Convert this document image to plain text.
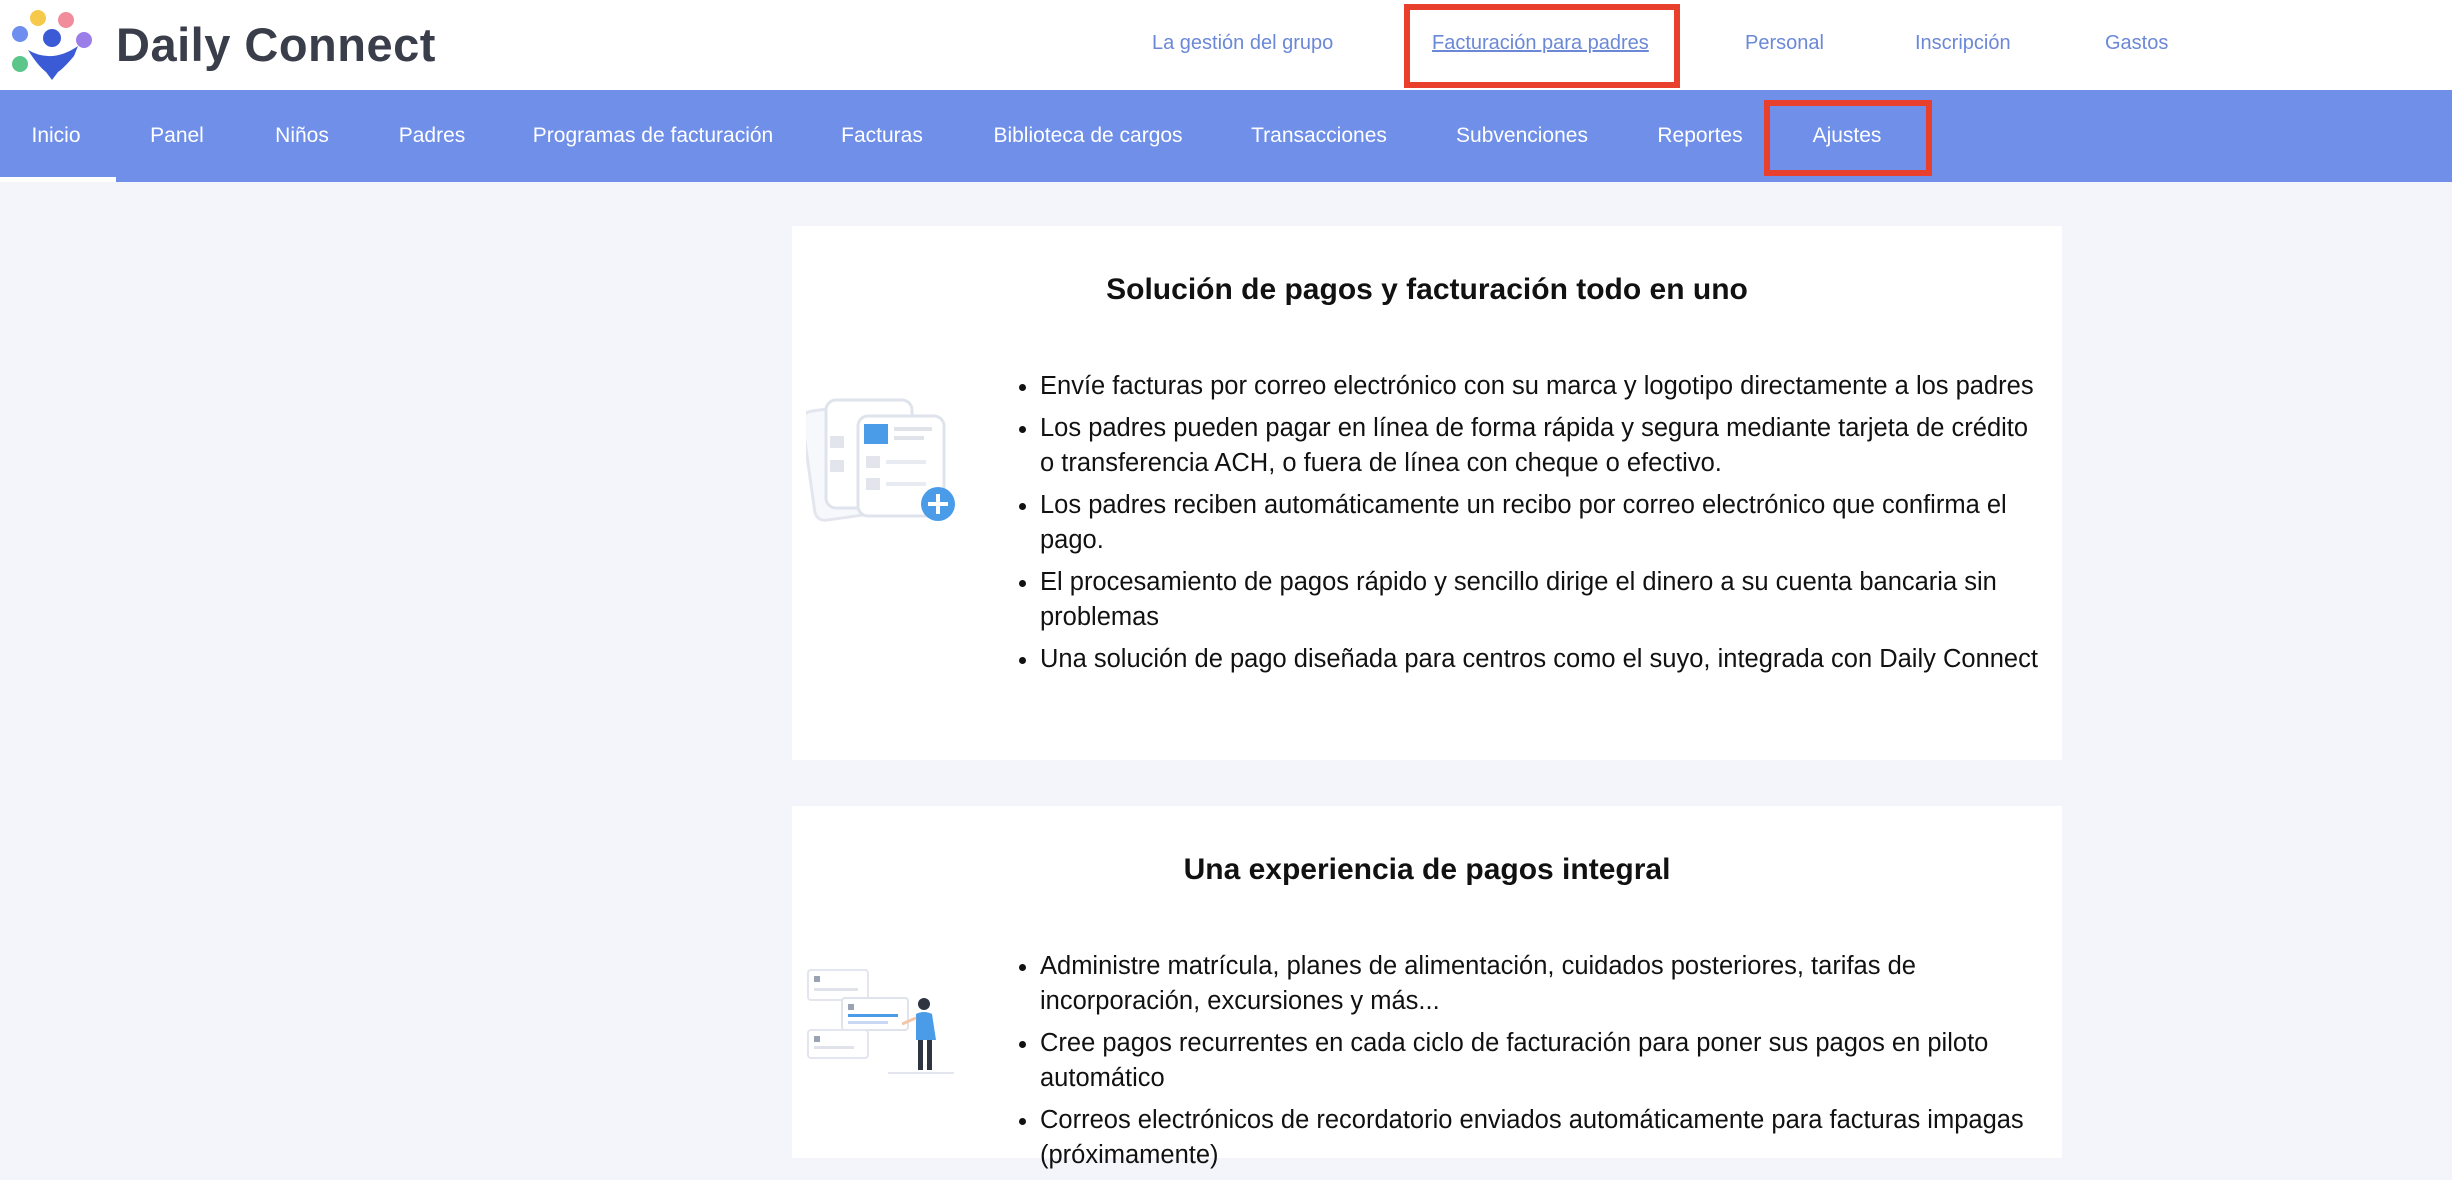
Daily Connect	La gestión del grupo	Facturación para padres	Personal	Inscripción	Gastos
Inicio	Panel	Niños	Padres	Programas de facturación	Facturas	Biblioteca de cargos	Transacciones	Subvenciones	Reportes	Ajustes
Solución de pagos y facturación todo en uno
• Envíe facturas por correo electrónico con su marca y logotipo directamente a los padres
• Los padres pueden pagar en línea de forma rápida y segura mediante tarjeta de crédito o transferencia ACH, o fuera de línea con cheque o efectivo.
• Los padres reciben automáticamente un recibo por correo electrónico que confirma el pago.
• El procesamiento de pagos rápido y sencillo dirige el dinero a su cuenta bancaria sin problemas
• Una solución de pago diseñada para centros como el suyo, integrada con Daily Connect
Una experiencia de pagos integral
• Administre matrícula, planes de alimentación, cuidados posteriores, tarifas de incorporación, excursiones y más...
• Cree pagos recurrentes en cada ciclo de facturación para poner sus pagos en piloto automático
• Correos electrónicos de recordatorio enviados automáticamente para facturas impagas (próximamente)
